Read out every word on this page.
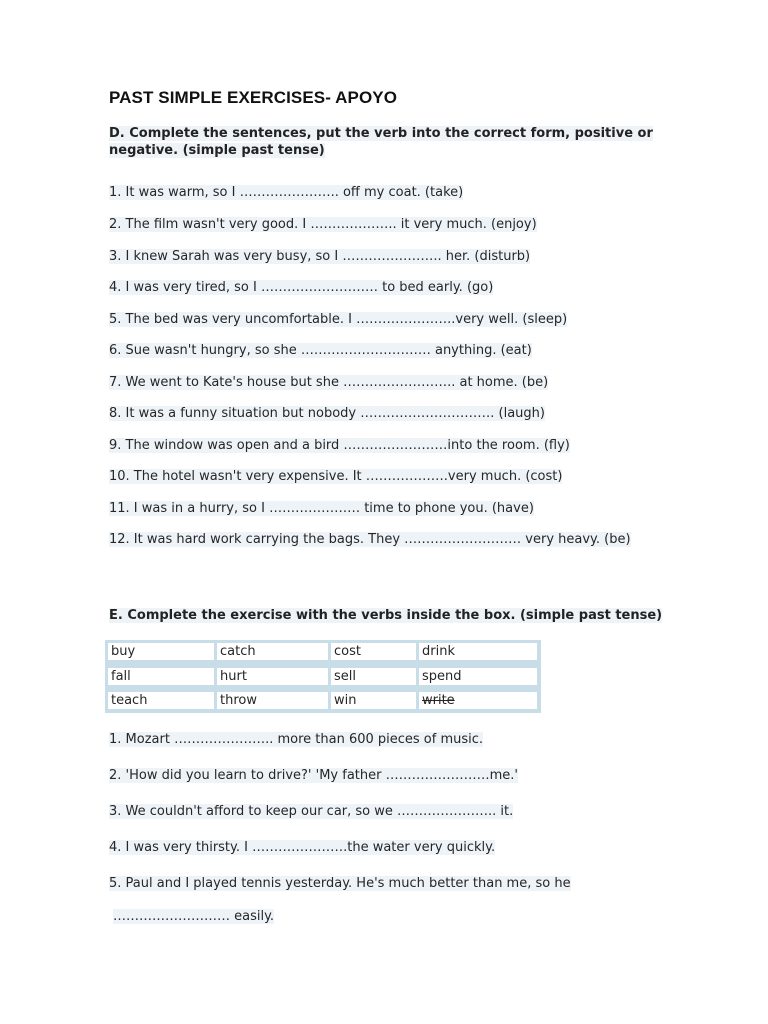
PAST SIMPLE EXERCISES- APOYO
D. Complete the sentences, put the verb into the correct form, positive or
negative. (simple past tense)
1. It was warm, so I ………………….. off my coat. (take)
2. The film wasn't very good. I ……………….. it very much. (enjoy)
3. I knew Sarah was very busy, so I ………………….. her. (disturb)
4. I was very tired, so I ……………………… to bed early. (go)
5. The bed was very uncomfortable. I …………………..very well. (sleep)
6. Sue wasn't hungry, so she ………………………… anything. (eat)
7. We went to Kate's house but she …………………….. at home. (be)
8. It was a funny situation but nobody …………………………. (laugh)
9. The window was open and a bird ……………………into the room. (fly)
10. The hotel wasn't very expensive. It ……………….very much. (cost)
11. I was in a hurry, so I ………………… time to phone you. (have)
12. It was hard work carrying the bags. They ……………………… very heavy. (be)
E. Complete the exercise with the verbs inside the box. (simple past tense)
buy	catch	cost	drink
fall	hurt	sell	spend
teach	throw	win	write
1. Mozart ………………….. more than 600 pieces of music.
2. 'How did you learn to drive?' 'My father ……………………me.'
3. We couldn't afford to keep our car, so we ………………….. it.
4. I was very thirsty. I ………………….the water very quickly.
5. Paul and I played tennis yesterday. He's much better than me, so he
……………………… easily.
